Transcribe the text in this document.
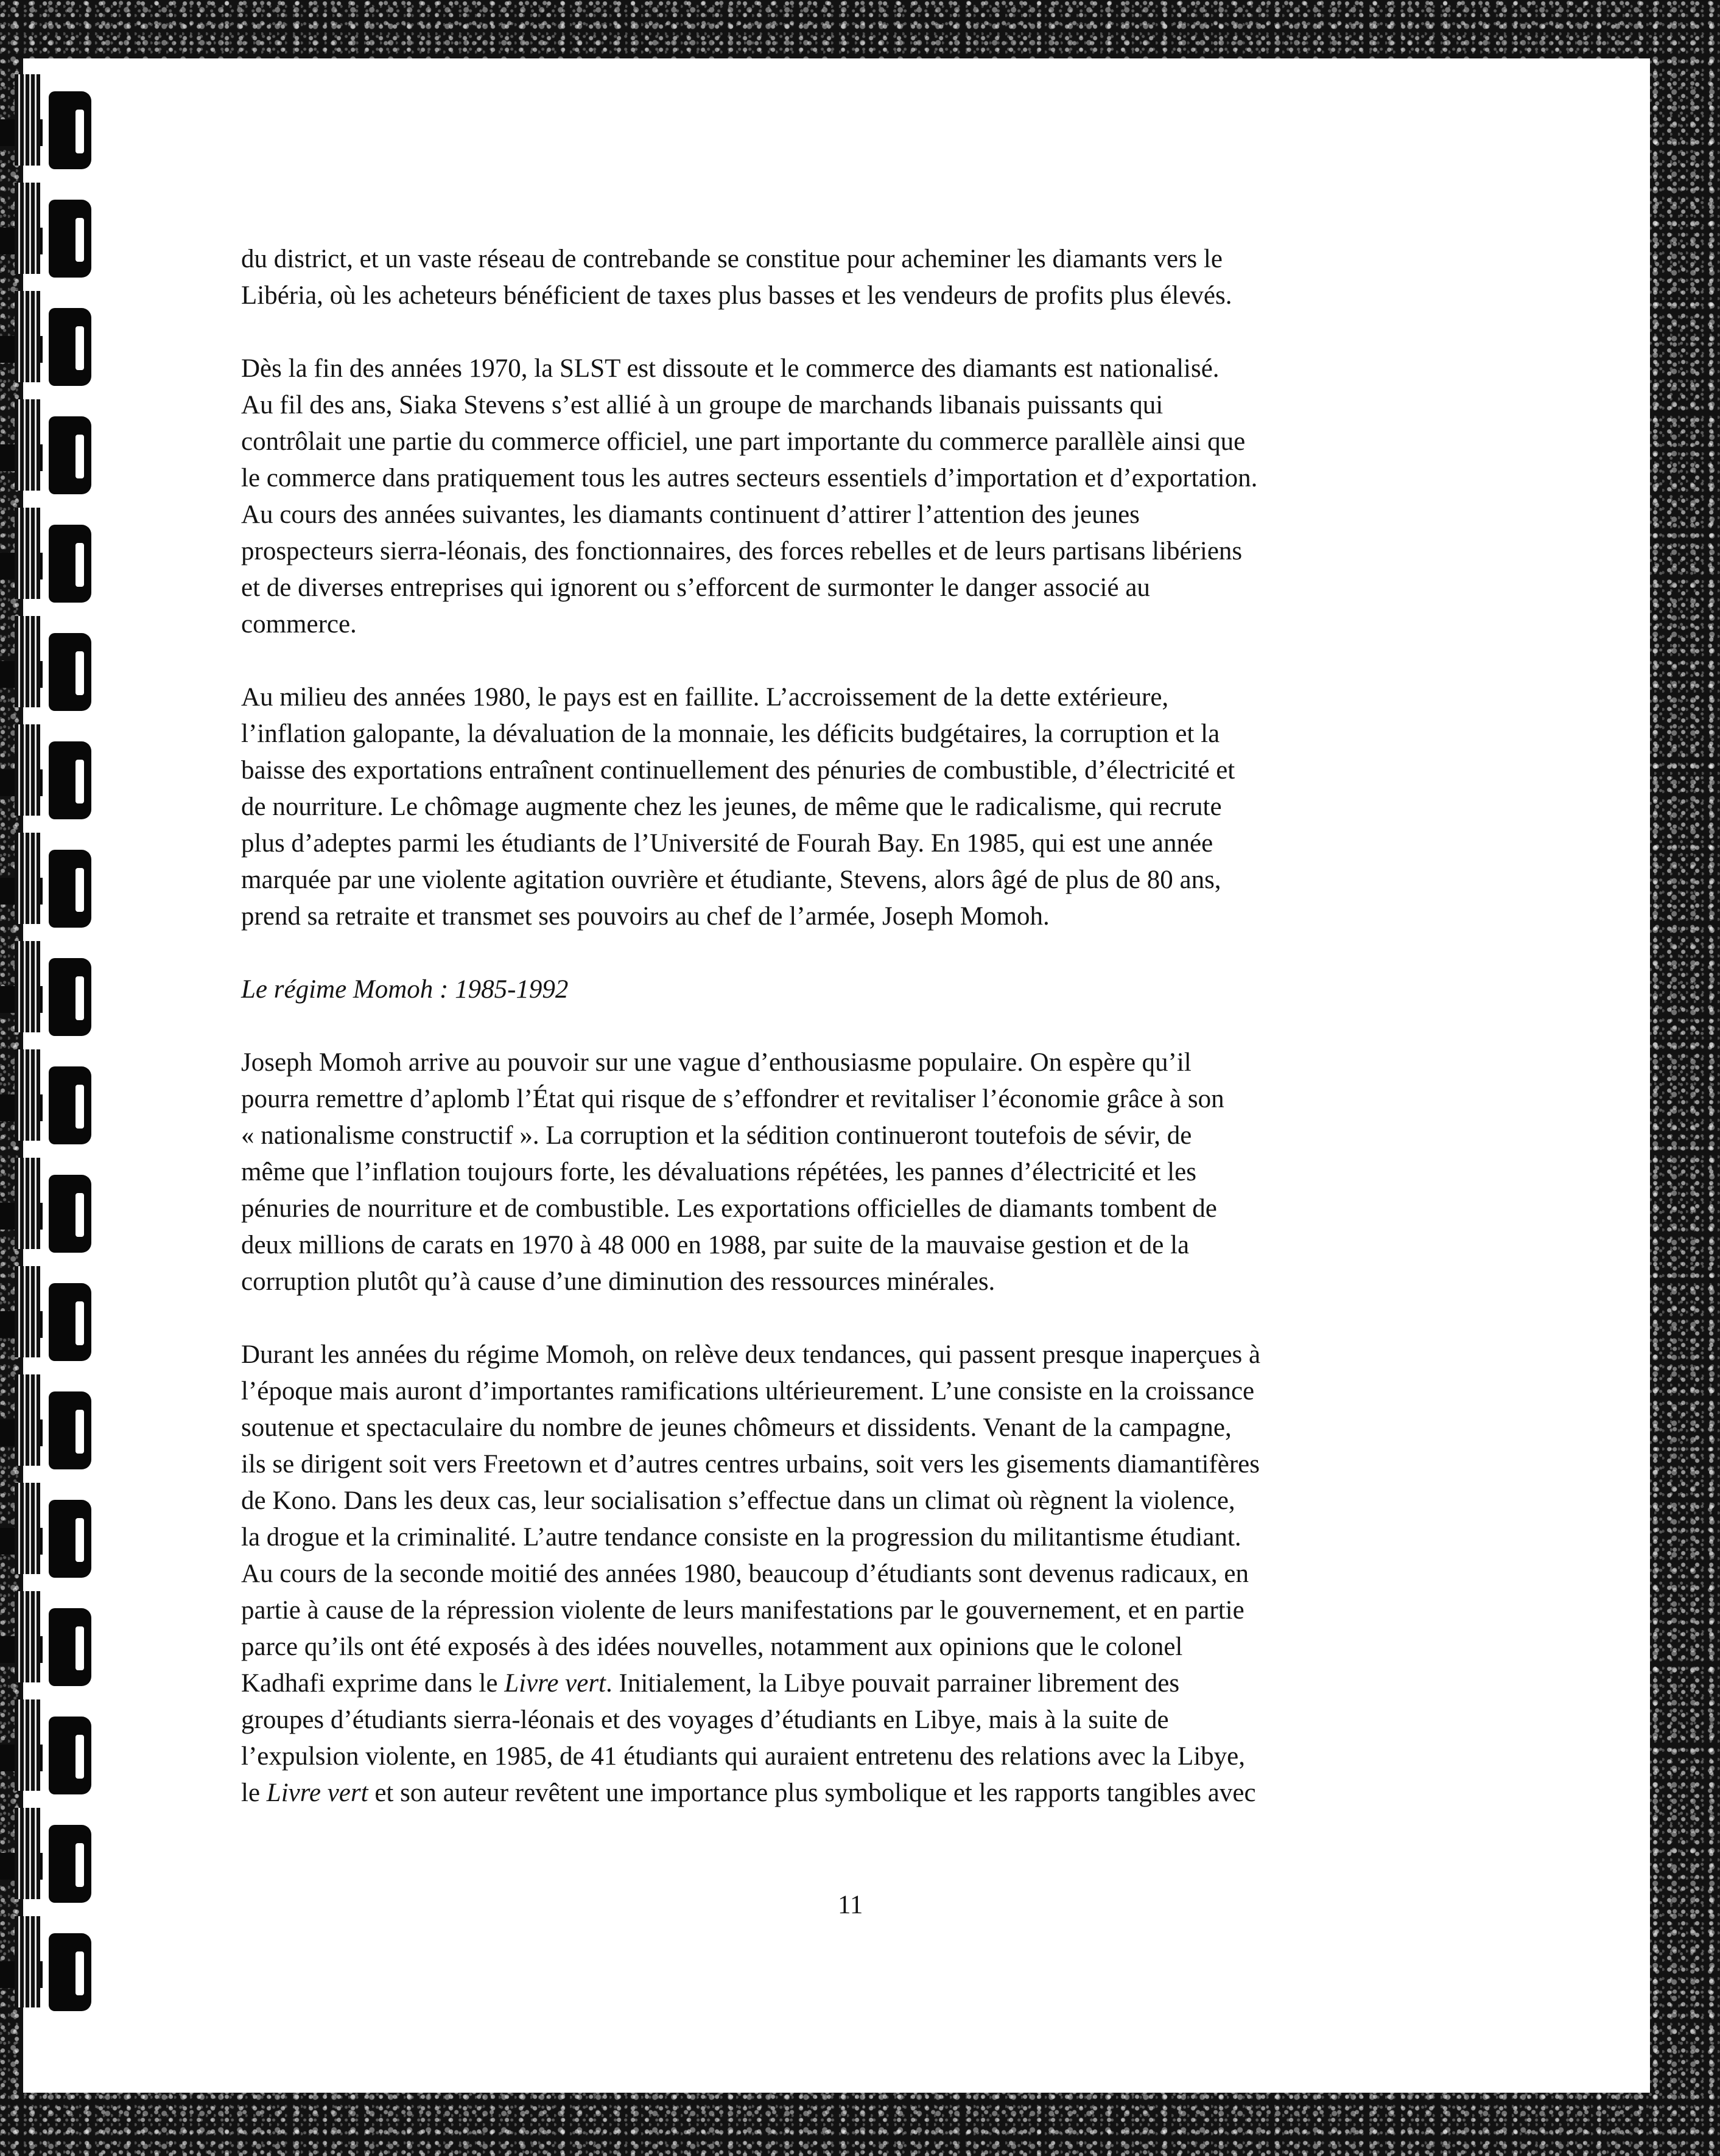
du district, et un vaste réseau de contrebande se constitue pour acheminer les diamants vers le
Libéria, où les acheteurs bénéficient de taxes plus basses et les vendeurs de profits plus élevés.

Dès la fin des années 1970, la SLST est dissoute et le commerce des diamants est nationalisé.
Au fil des ans, Siaka Stevens s’est allié à un groupe de marchands libanais puissants qui
contrôlait une partie du commerce officiel, une part importante du commerce parallèle ainsi que
le commerce dans pratiquement tous les autres secteurs essentiels d’importation et d’exportation.
Au cours des années suivantes, les diamants continuent d’attirer l’attention des jeunes
prospecteurs sierra-léonais, des fonctionnaires, des forces rebelles et de leurs partisans libériens
et de diverses entreprises qui ignorent ou s’efforcent de surmonter le danger associé au
commerce.

Au milieu des années 1980, le pays est en faillite. L’accroissement de la dette extérieure,
l’inflation galopante, la dévaluation de la monnaie, les déficits budgétaires, la corruption et la
baisse des exportations entraînent continuellement des pénuries de combustible, d’électricité et
de nourriture. Le chômage augmente chez les jeunes, de même que le radicalisme, qui recrute
plus d’adeptes parmi les étudiants de l’Université de Fourah Bay. En 1985, qui est une année
marquée par une violente agitation ouvrière et étudiante, Stevens, alors âgé de plus de 80 ans,
prend sa retraite et transmet ses pouvoirs au chef de l’armée, Joseph Momoh.

Le régime Momoh : 1985-1992

Joseph Momoh arrive au pouvoir sur une vague d’enthousiasme populaire. On espère qu’il
pourra remettre d’aplomb l’État qui risque de s’effondrer et revitaliser l’économie grâce à son
« nationalisme constructif ». La corruption et la sédition continueront toutefois de sévir, de
même que l’inflation toujours forte, les dévaluations répétées, les pannes d’électricité et les
pénuries de nourriture et de combustible. Les exportations officielles de diamants tombent de
deux millions de carats en 1970 à 48 000 en 1988, par suite de la mauvaise gestion et de la
corruption plutôt qu’à cause d’une diminution des ressources minérales.

Durant les années du régime Momoh, on relève deux tendances, qui passent presque inaperçues à
l’époque mais auront d’importantes ramifications ultérieurement. L’une consiste en la croissance
soutenue et spectaculaire du nombre de jeunes chômeurs et dissidents. Venant de la campagne,
ils se dirigent soit vers Freetown et d’autres centres urbains, soit vers les gisements diamantifères
de Kono. Dans les deux cas, leur socialisation s’effectue dans un climat où règnent la violence,
la drogue et la criminalité. L’autre tendance consiste en la progression du militantisme étudiant.
Au cours de la seconde moitié des années 1980, beaucoup d’étudiants sont devenus radicaux, en
partie à cause de la répression violente de leurs manifestations par le gouvernement, et en partie
parce qu’ils ont été exposés à des idées nouvelles, notamment aux opinions que le colonel
Kadhafi exprime dans le Livre vert. Initialement, la Libye pouvait parrainer librement des
groupes d’étudiants sierra-léonais et des voyages d’étudiants en Libye, mais à la suite de
l’expulsion violente, en 1985, de 41 étudiants qui auraient entretenu des relations avec la Libye,
le Livre vert et son auteur revêtent une importance plus symbolique et les rapports tangibles avec

11
